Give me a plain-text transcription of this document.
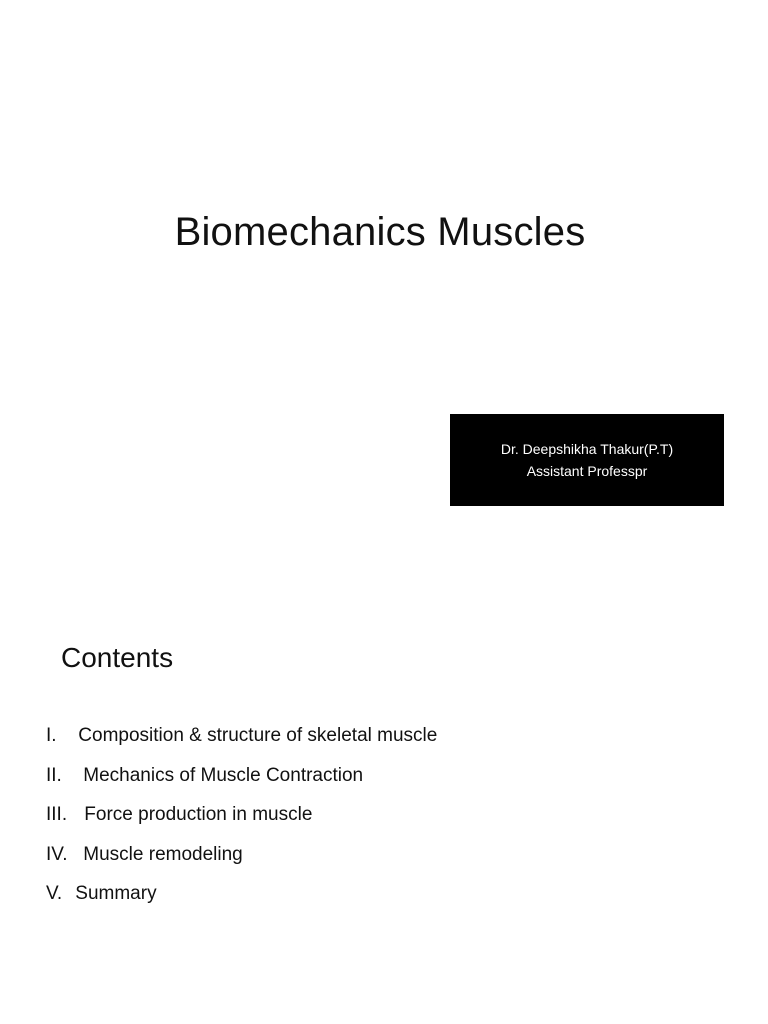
Biomechanics Muscles
Dr. Deepshikha Thakur(P.T)
Assistant Professpr
Contents
I. Composition & structure of skeletal muscle
II. Mechanics of Muscle Contraction
III. Force production in muscle
IV. Muscle remodeling
V. Summary
